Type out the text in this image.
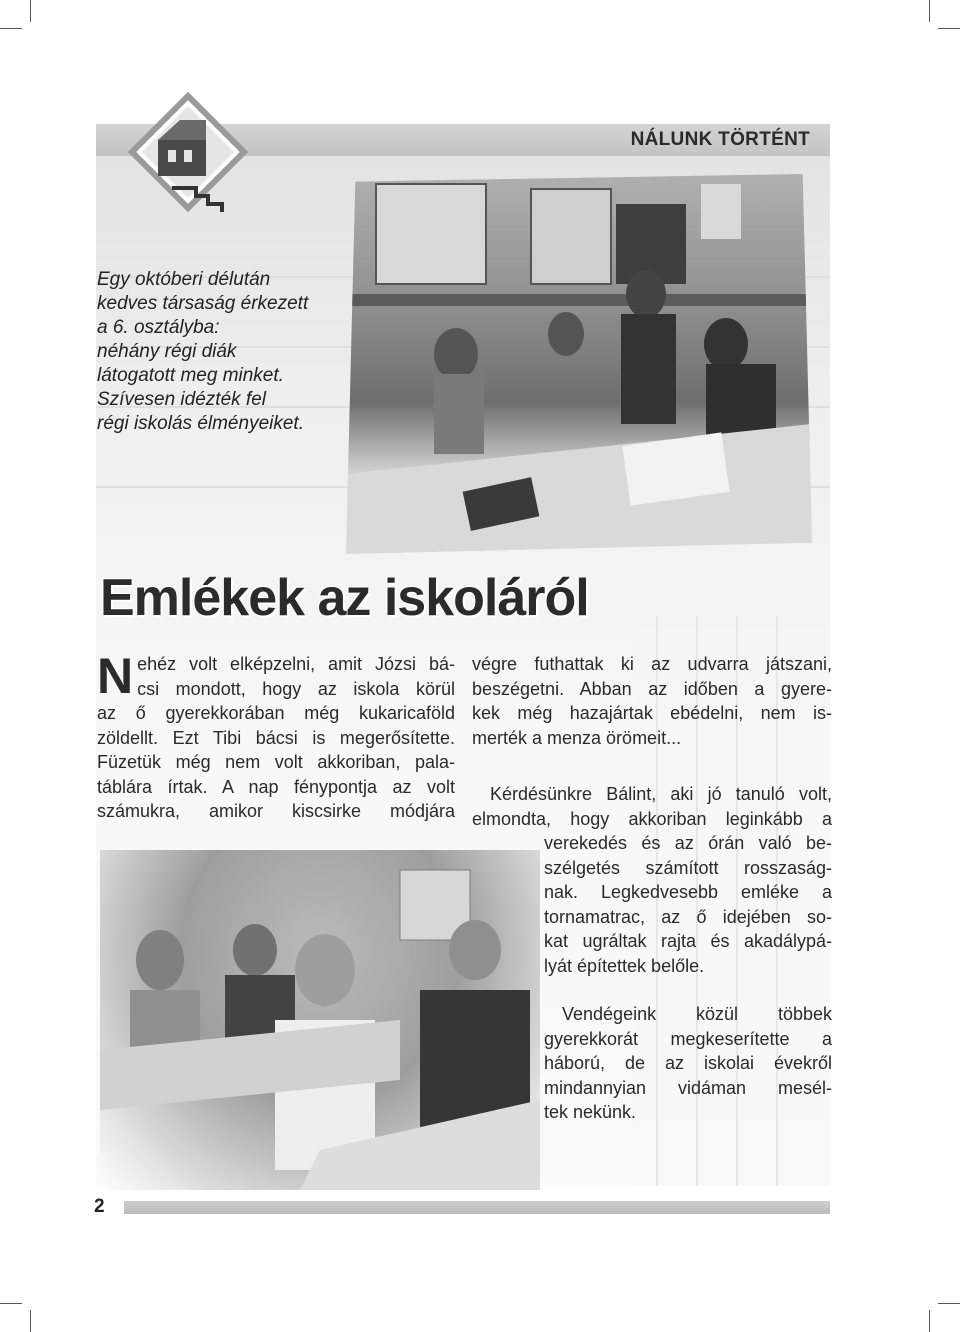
NÁLUNK TÖRTÉNT
Egy októberi délután
kedves társaság érkezett
a 6. osztályba:
néhány régi diák
látogatott meg minket.
Szívesen idézték fel
régi iskolás élményeiket.
Emlékek az iskoláról
N ehéz volt elképzelni, amit Józsi bá-
csi mondott, hogy az iskola körül
az ő gyerekkorában még kukaricaföld
zöldellt. Ezt Tibi bácsi is megerősítette.
Füzetük még nem volt akkoriban, pala-
táblára írtak. A nap fénypontja az volt
számukra, amikor kiscsirke módjára
végre futhattak ki az udvarra játszani,
beszégetni. Abban az időben a gyere-
kek még hazajártak ebédelni, nem is-
merték a menza örömeit...
Kérdésünkre Bálint, aki jó tanuló volt,
elmondta, hogy akkoriban leginkább a
verekedés és az órán való be-
szélgetés számított rosszaság-
nak. Legkedvesebb emléke a
tornamatrac, az ő idejében so-
kat ugráltak rajta és akadálypá-
lyát építettek belőle.
Vendégeink közül többek
gyerekkorát megkeserítette a
háború, de az iskolai évekről
mindannyian vidáman mesél-
tek nekünk.
2
